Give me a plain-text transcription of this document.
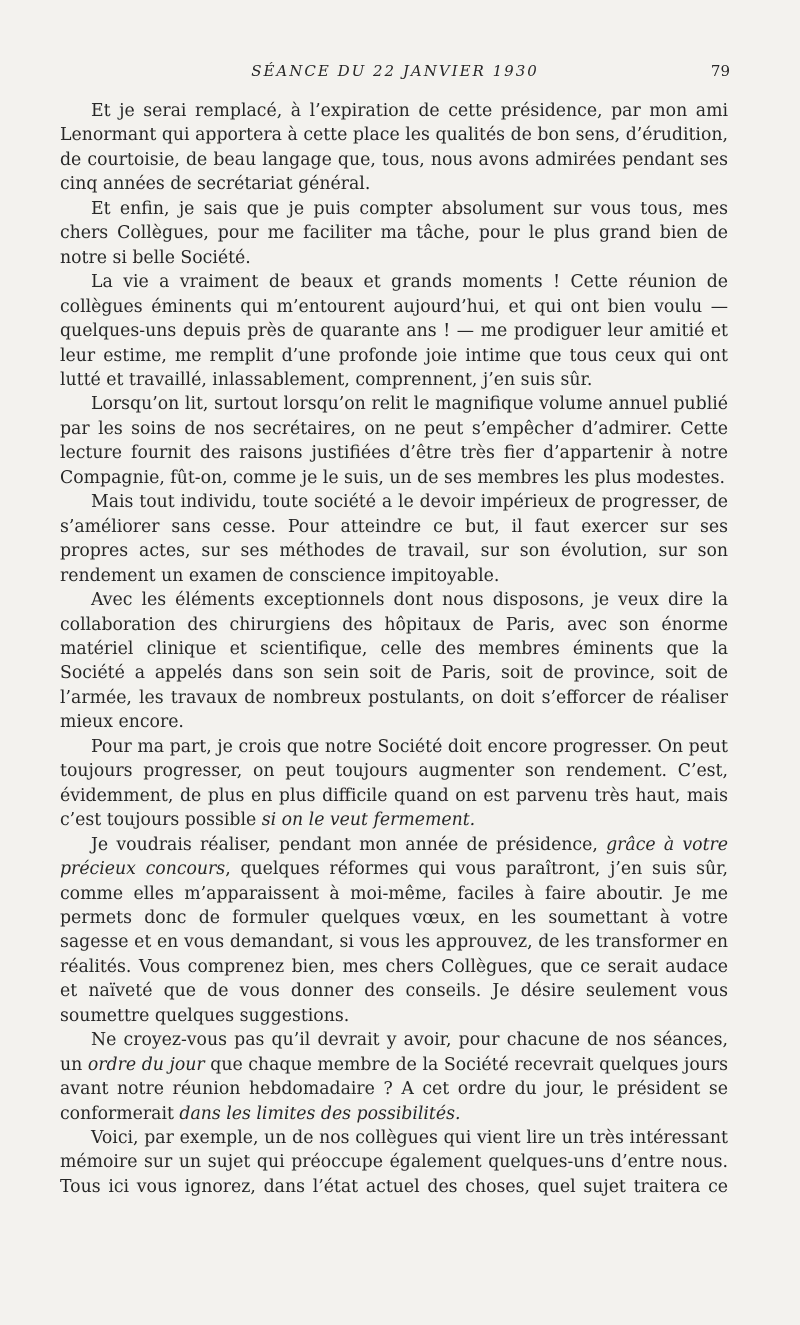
SÉANCE DU 22 JANVIER 1930	79

Et je serai remplacé, à l’expiration de cette présidence, par mon ami Lenormant qui apportera à cette place les qualités de bon sens, d’érudition, de courtoisie, de beau langage que, tous, nous avons admirées pendant ses cinq années de secrétariat général.

Et enfin, je sais que je puis compter absolument sur vous tous, mes chers Collègues, pour me faciliter ma tâche, pour le plus grand bien de notre si belle Société.

La vie a vraiment de beaux et grands moments ! Cette réunion de collègues éminents qui m’entourent aujourd’hui, et qui ont bien voulu — quelques-uns depuis près de quarante ans ! — me prodiguer leur amitié et leur estime, me remplit d’une profonde joie intime que tous ceux qui ont lutté et travaillé, inlassablement, comprennent, j’en suis sûr.

Lorsqu’on lit, surtout lorsqu’on relit le magnifique volume annuel publié par les soins de nos secrétaires, on ne peut s’empêcher d’admirer. Cette lecture fournit des raisons justifiées d’être très fier d’appartenir à notre Compagnie, fût-on, comme je le suis, un de ses membres les plus modestes.

Mais tout individu, toute société a le devoir impérieux de progresser, de s’améliorer sans cesse. Pour atteindre ce but, il faut exercer sur ses propres actes, sur ses méthodes de travail, sur son évolution, sur son rendement un examen de conscience impitoyable.

Avec les éléments exceptionnels dont nous disposons, je veux dire la collaboration des chirurgiens des hôpitaux de Paris, avec son énorme matériel clinique et scientifique, celle des membres éminents que la Société a appelés dans son sein soit de Paris, soit de province, soit de l’armée, les travaux de nombreux postulants, on doit s’efforcer de réaliser mieux encore.

Pour ma part, je crois que notre Société doit encore progresser. On peut toujours progresser, on peut toujours augmenter son rendement. C’est, évidemment, de plus en plus difficile quand on est parvenu très haut, mais c’est toujours possible si on le veut fermement.

Je voudrais réaliser, pendant mon année de présidence, grâce à votre précieux concours, quelques réformes qui vous paraîtront, j’en suis sûr, comme elles m’apparaissent à moi-même, faciles à faire aboutir. Je me permets donc de formuler quelques vœux, en les soumettant à votre sagesse et en vous demandant, si vous les approuvez, de les transformer en réalités. Vous comprenez bien, mes chers Collègues, que ce serait audace et naïveté que de vous donner des conseils. Je désire seulement vous soumettre quelques suggestions.

Ne croyez-vous pas qu’il devrait y avoir, pour chacune de nos séances, un ordre du jour que chaque membre de la Société recevrait quelques jours avant notre réunion hebdomadaire ? A cet ordre du jour, le président se conformerait dans les limites des possibilités.

Voici, par exemple, un de nos collègues qui vient lire un très intéressant mémoire sur un sujet qui préoccupe également quelques-uns d’entre nous. Tous ici vous ignorez, dans l’état actuel des choses, quel sujet traitera ce
